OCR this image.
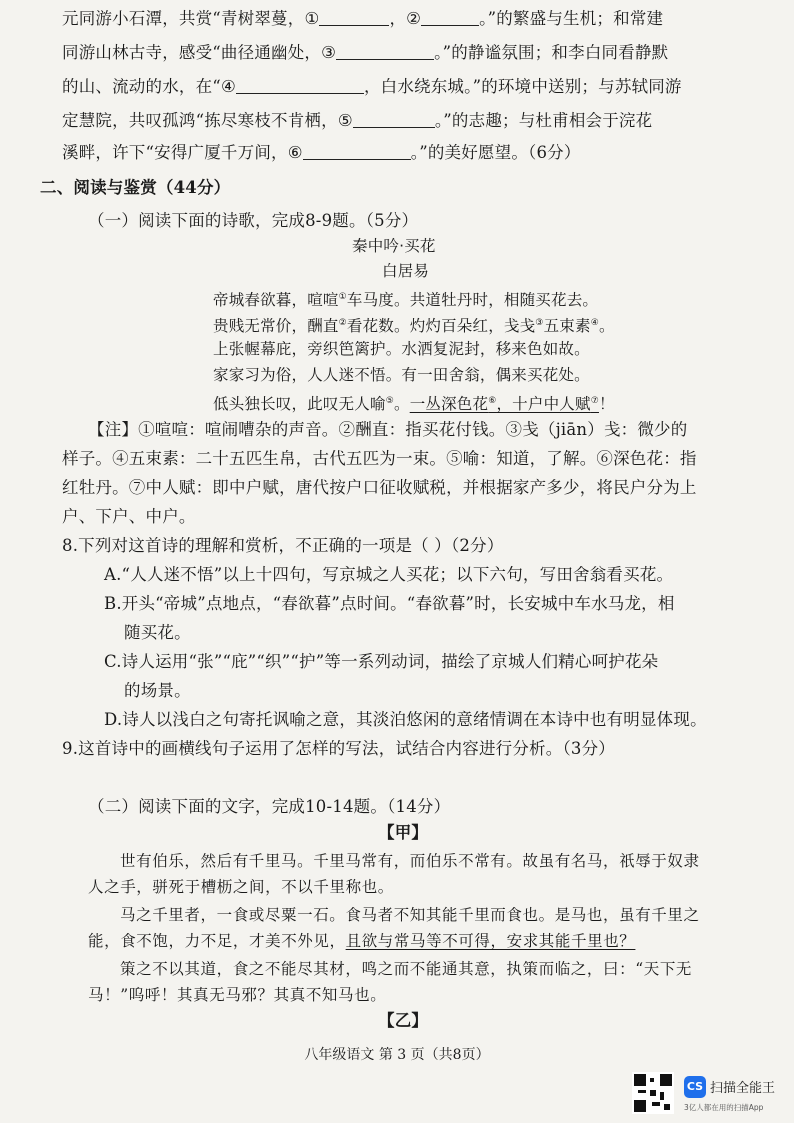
元同游小石潭，共赏“青树翠蔓，①	，②	。”的繁盛与生机；和常建
同游山林古寺，感受“曲径通幽处，③	。”的静谧氛围；和李白同看静默
的山、流动的水，在“④	，白水绕东城。”的环境中送别；与苏轼同游
定慧院，共叹孤鸿“拣尽寒枝不肯栖，⑤	。”的志趣；与杜甫相会于浣花
溪畔，许下“安得广厦千万间，⑥	。”的美好愿望。（6分）
二、阅读与鉴赏（44分）
（一）阅读下面的诗歌，完成8-9题。（5分）
秦中吟·买花
白居易
帝城春欲暮，喧喧①车马度。共道牡丹时，相随买花去。
贵贱无常价，酬直②看花数。灼灼百朵红，戋戋③五束素④。
上张幄幕庇，旁织笆篱护。水洒复泥封，移来色如故。
家家习为俗，人人迷不悟。有一田舍翁，偶来买花处。
低头独长叹，此叹无人喻⑤。一丛深色花⑥，十户中人赋⑦！
【注】①喧喧：喧闹嘈杂的声音。②酬直：指买花付钱。③戋（jiān）戋：微少的
样子。④五束素：二十五匹生帛，古代五匹为一束。⑤喻：知道，了解。⑥深色花：指
红牡丹。⑦中人赋：即中户赋，唐代按户口征收赋税，并根据家产多少，将民户分为上
户、下户、中户。
8.下列对这首诗的理解和赏析，不正确的一项是（ ）（2分）
A.“人人迷不悟”以上十四句，写京城之人买花；以下六句，写田舍翁看买花。
B.开头“帝城”点地点，“春欲暮”点时间。“春欲暮”时，长安城中车水马龙，相
随买花。
C.诗人运用“张”“庇”“织”“护”等一系列动词，描绘了京城人们精心呵护花朵
的场景。
D.诗人以浅白之句寄托讽喻之意，其淡泊悠闲的意绪情调在本诗中也有明显体现。
9.这首诗中的画横线句子运用了怎样的写法，试结合内容进行分析。（3分）
（二）阅读下面的文字，完成10-14题。（14分）
【甲】
世有伯乐，然后有千里马。千里马常有，而伯乐不常有。故虽有名马，祇辱于奴隶
人之手，骈死于槽枥之间，不以千里称也。
马之千里者，一食或尽粟一石。食马者不知其能千里而食也。是马也，虽有千里之
能，食不饱，力不足，才美不外见，且欲与常马等不可得，安求其能千里也？
策之不以其道，食之不能尽其材，鸣之而不能通其意，执策而临之，曰：“天下无
马！”呜呼！其真无马邪？其真不知马也。
【乙】
八年级语文 第 3 页（共8页）
CS 扫描全能王
3亿人都在用的扫描App
